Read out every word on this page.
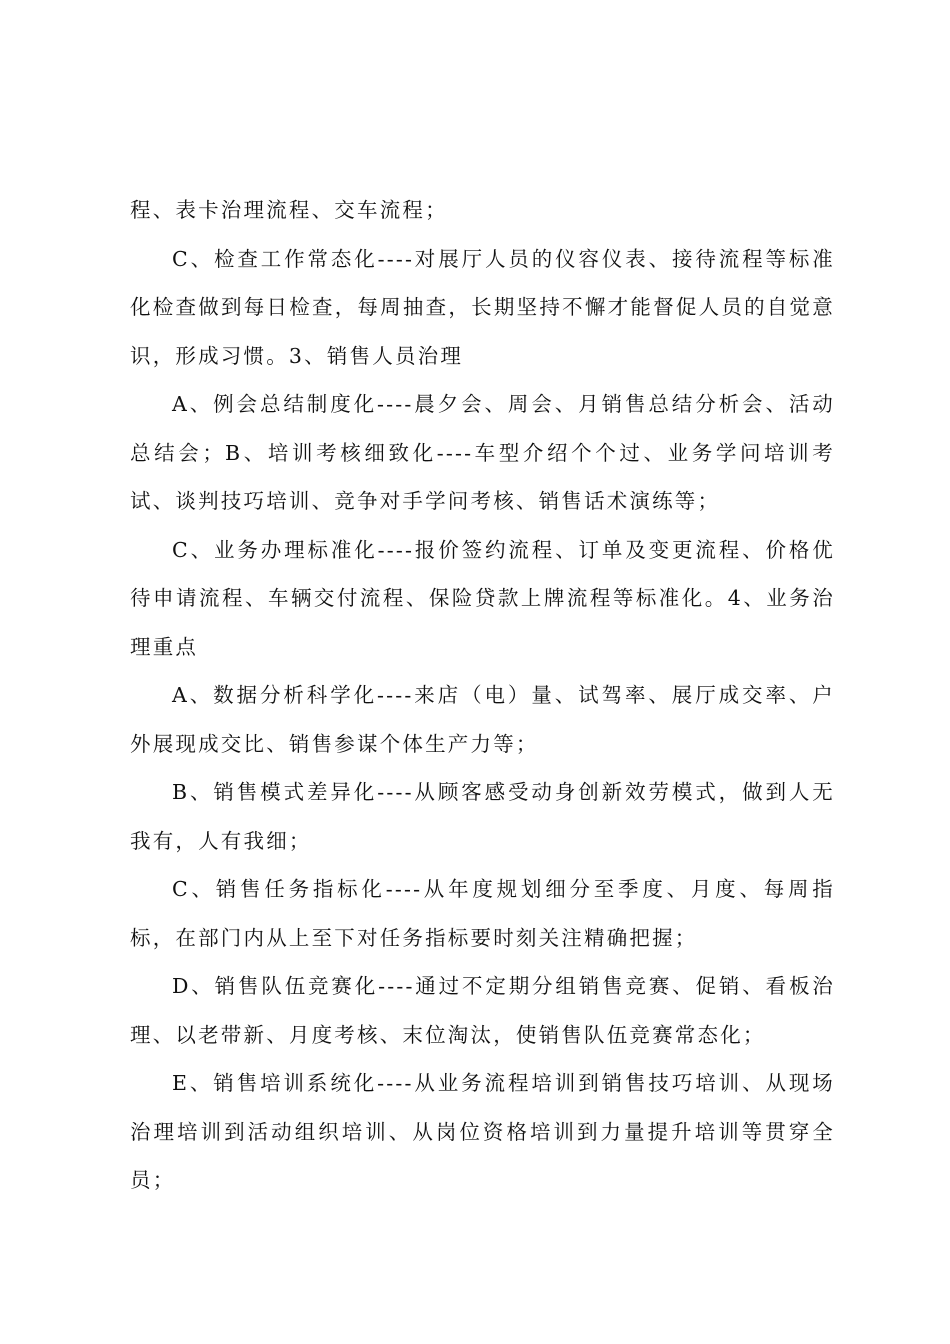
程、表卡治理流程、交车流程；

C、检查工作常态化----对展厅人员的仪容仪表、接待流程等标准化检查做到每日检查，每周抽查，长期坚持不懈才能督促人员的自觉意识，形成习惯。3、销售人员治理

A、例会总结制度化----晨夕会、周会、月销售总结分析会、活动总结会；B、培训考核细致化----车型介绍个个过、业务学问培训考试、谈判技巧培训、竞争对手学问考核、销售话术演练等；

C、业务办理标准化----报价签约流程、订单及变更流程、价格优待申请流程、车辆交付流程、保险贷款上牌流程等标准化。4、业务治理重点

A、数据分析科学化----来店（电）量、试驾率、展厅成交率、户外展现成交比、销售参谋个体生产力等；

B、销售模式差异化----从顾客感受动身创新效劳模式，做到人无我有，人有我细；

C、销售任务指标化----从年度规划细分至季度、月度、每周指标，在部门内从上至下对任务指标要时刻关注精确把握；

D、销售队伍竞赛化----通过不定期分组销售竞赛、促销、看板治理、以老带新、月度考核、末位淘汰，使销售队伍竞赛常态化；

E、销售培训系统化----从业务流程培训到销售技巧培训、从现场治理培训到活动组织培训、从岗位资格培训到力量提升培训等贯穿全员；
